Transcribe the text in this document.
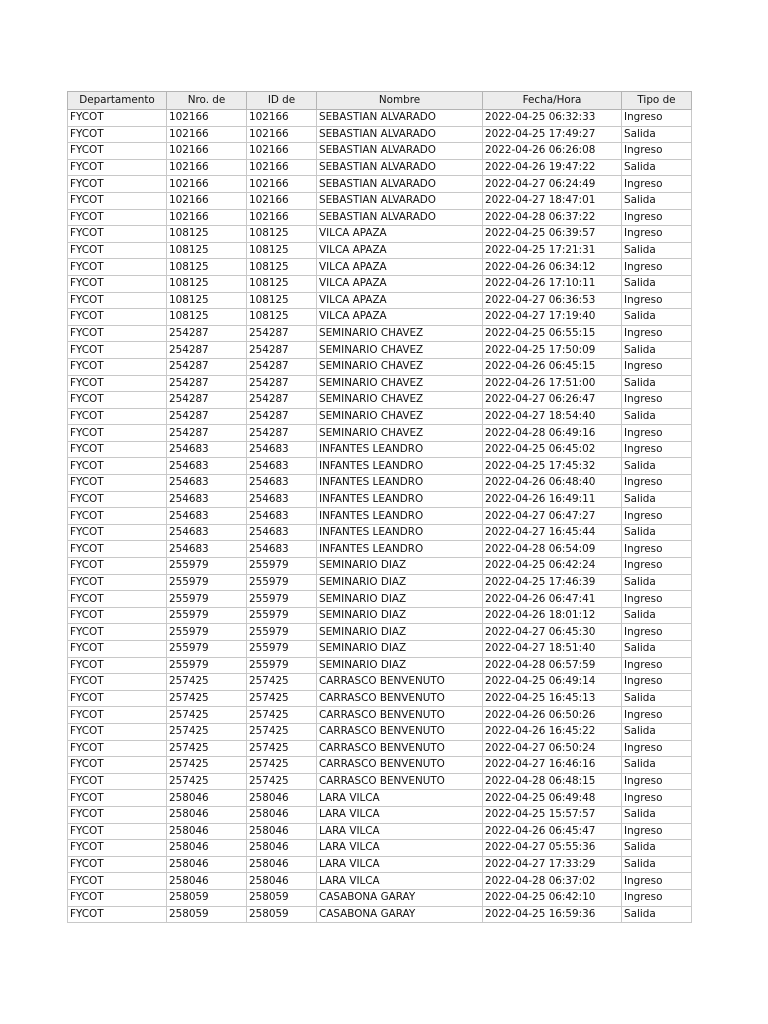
Departamento	Nro. de	ID de	Nombre	Fecha/Hora	Tipo de
FYCOT	102166	102166	SEBASTIAN ALVARADO	2022-04-25 06:32:33	Ingreso
FYCOT	102166	102166	SEBASTIAN ALVARADO	2022-04-25 17:49:27	Salida
FYCOT	102166	102166	SEBASTIAN ALVARADO	2022-04-26 06:26:08	Ingreso
FYCOT	102166	102166	SEBASTIAN ALVARADO	2022-04-26 19:47:22	Salida
FYCOT	102166	102166	SEBASTIAN ALVARADO	2022-04-27 06:24:49	Ingreso
FYCOT	102166	102166	SEBASTIAN ALVARADO	2022-04-27 18:47:01	Salida
FYCOT	102166	102166	SEBASTIAN ALVARADO	2022-04-28 06:37:22	Ingreso
FYCOT	108125	108125	VILCA APAZA	2022-04-25 06:39:57	Ingreso
FYCOT	108125	108125	VILCA APAZA	2022-04-25 17:21:31	Salida
FYCOT	108125	108125	VILCA APAZA	2022-04-26 06:34:12	Ingreso
FYCOT	108125	108125	VILCA APAZA	2022-04-26 17:10:11	Salida
FYCOT	108125	108125	VILCA APAZA	2022-04-27 06:36:53	Ingreso
FYCOT	108125	108125	VILCA APAZA	2022-04-27 17:19:40	Salida
FYCOT	254287	254287	SEMINARIO CHAVEZ	2022-04-25 06:55:15	Ingreso
FYCOT	254287	254287	SEMINARIO CHAVEZ	2022-04-25 17:50:09	Salida
FYCOT	254287	254287	SEMINARIO CHAVEZ	2022-04-26 06:45:15	Ingreso
FYCOT	254287	254287	SEMINARIO CHAVEZ	2022-04-26 17:51:00	Salida
FYCOT	254287	254287	SEMINARIO CHAVEZ	2022-04-27 06:26:47	Ingreso
FYCOT	254287	254287	SEMINARIO CHAVEZ	2022-04-27 18:54:40	Salida
FYCOT	254287	254287	SEMINARIO CHAVEZ	2022-04-28 06:49:16	Ingreso
FYCOT	254683	254683	INFANTES LEANDRO	2022-04-25 06:45:02	Ingreso
FYCOT	254683	254683	INFANTES LEANDRO	2022-04-25 17:45:32	Salida
FYCOT	254683	254683	INFANTES LEANDRO	2022-04-26 06:48:40	Ingreso
FYCOT	254683	254683	INFANTES LEANDRO	2022-04-26 16:49:11	Salida
FYCOT	254683	254683	INFANTES LEANDRO	2022-04-27 06:47:27	Ingreso
FYCOT	254683	254683	INFANTES LEANDRO	2022-04-27 16:45:44	Salida
FYCOT	254683	254683	INFANTES LEANDRO	2022-04-28 06:54:09	Ingreso
FYCOT	255979	255979	SEMINARIO DIAZ	2022-04-25 06:42:24	Ingreso
FYCOT	255979	255979	SEMINARIO DIAZ	2022-04-25 17:46:39	Salida
FYCOT	255979	255979	SEMINARIO DIAZ	2022-04-26 06:47:41	Ingreso
FYCOT	255979	255979	SEMINARIO DIAZ	2022-04-26 18:01:12	Salida
FYCOT	255979	255979	SEMINARIO DIAZ	2022-04-27 06:45:30	Ingreso
FYCOT	255979	255979	SEMINARIO DIAZ	2022-04-27 18:51:40	Salida
FYCOT	255979	255979	SEMINARIO DIAZ	2022-04-28 06:57:59	Ingreso
FYCOT	257425	257425	CARRASCO BENVENUTO	2022-04-25 06:49:14	Ingreso
FYCOT	257425	257425	CARRASCO BENVENUTO	2022-04-25 16:45:13	Salida
FYCOT	257425	257425	CARRASCO BENVENUTO	2022-04-26 06:50:26	Ingreso
FYCOT	257425	257425	CARRASCO BENVENUTO	2022-04-26 16:45:22	Salida
FYCOT	257425	257425	CARRASCO BENVENUTO	2022-04-27 06:50:24	Ingreso
FYCOT	257425	257425	CARRASCO BENVENUTO	2022-04-27 16:46:16	Salida
FYCOT	257425	257425	CARRASCO BENVENUTO	2022-04-28 06:48:15	Ingreso
FYCOT	258046	258046	LARA VILCA	2022-04-25 06:49:48	Ingreso
FYCOT	258046	258046	LARA VILCA	2022-04-25 15:57:57	Salida
FYCOT	258046	258046	LARA VILCA	2022-04-26 06:45:47	Ingreso
FYCOT	258046	258046	LARA VILCA	2022-04-27 05:55:36	Salida
FYCOT	258046	258046	LARA VILCA	2022-04-27 17:33:29	Salida
FYCOT	258046	258046	LARA VILCA	2022-04-28 06:37:02	Ingreso
FYCOT	258059	258059	CASABONA GARAY	2022-04-25 06:42:10	Ingreso
FYCOT	258059	258059	CASABONA GARAY	2022-04-25 16:59:36	Salida
